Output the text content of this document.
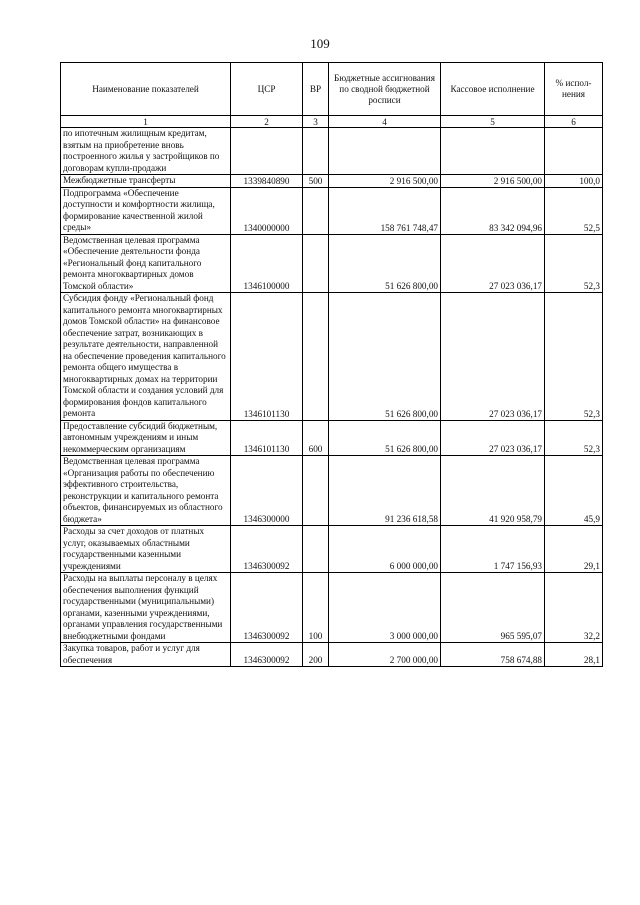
109
Наименование показателей	ЦСР	ВР	Бюджетные ассигнования по сводной бюджетной росписи	Кассовое исполнение	% испол-нения
1	2	3	4	5	6
по ипотечным жилищным кредитам, взятым на приобретение вновь построенного жилья у застройщиков по договорам купли-продажи					
Межбюджетные трансферты	1339840890	500	2 916 500,00	2 916 500,00	100,0
Подпрограмма «Обеспечение доступности и комфортности жилища, формирование качественной жилой среды»	1340000000		158 761 748,47	83 342 094,96	52,5
Ведомственная целевая программа «Обеспечение деятельности фонда «Региональный фонд капитального ремонта многоквартирных домов Томской области»	1346100000		51 626 800,00	27 023 036,17	52,3
Субсидия фонду «Региональный фонд капитального ремонта многоквартирных домов Томской области» на финансовое обеспечение затрат, возникающих в результате деятельности, направленной на обеспечение проведения капитального ремонта общего имущества в многоквартирных домах на территории Томской области и создания условий для формирования фондов капитального ремонта	1346101130		51 626 800,00	27 023 036,17	52,3
Предоставление субсидий бюджетным, автономным учреждениям и иным некоммерческим организациям	1346101130	600	51 626 800,00	27 023 036,17	52,3
Ведомственная целевая программа «Организация работы по обеспечению эффективного строительства, реконструкции и капитального ремонта объектов, финансируемых из областного бюджета»	1346300000		91 236 618,58	41 920 958,79	45,9
Расходы за счет доходов от платных услуг, оказываемых областными государственными казенными учреждениями	1346300092		6 000 000,00	1 747 156,93	29,1
Расходы на выплаты персоналу в целях обеспечения выполнения функций государственными (муниципальными) органами, казенными учреждениями, органами управления государственными внебюджетными фондами	1346300092	100	3 000 000,00	965 595,07	32,2
Закупка товаров, работ и услуг для обеспечения	1346300092	200	2 700 000,00	758 674,88	28,1
